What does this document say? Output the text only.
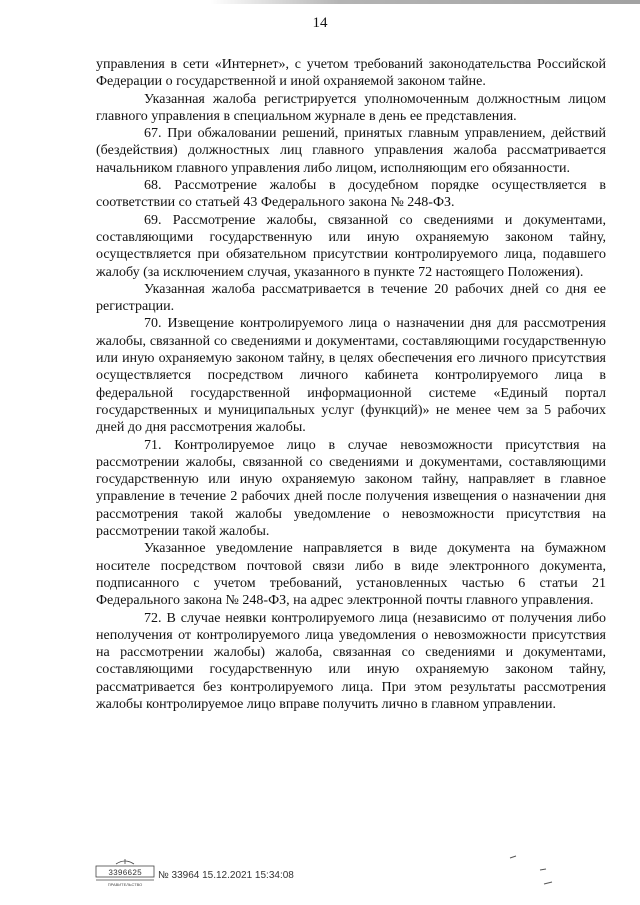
14

управления в сети «Интернет», с учетом требований законодательства Российской Федерации о государственной и иной охраняемой законом тайне.

Указанная жалоба регистрируется уполномоченным должностным лицом главного управления в специальном журнале в день ее представления.

67. При обжаловании решений, принятых главным управлением, действий (бездействия) должностных лиц главного управления жалоба рассматривается начальником главного управления либо лицом, исполняющим его обязанности.

68. Рассмотрение жалобы в досудебном порядке осуществляется в соответствии со статьей 43 Федерального закона № 248-ФЗ.

69. Рассмотрение жалобы, связанной со сведениями и документами, составляющими государственную или иную охраняемую законом тайну, осуществляется при обязательном присутствии контролируемого лица, подавшего жалобу (за исключением случая, указанного в пункте 72 настоящего Положения).

Указанная жалоба рассматривается в течение 20 рабочих дней со дня ее регистрации.

70. Извещение контролируемого лица о назначении дня для рассмотрения жалобы, связанной со сведениями и документами, составляющими государственную или иную охраняемую законом тайну, в целях обеспечения его личного присутствия осуществляется посредством личного кабинета контролируемого лица в федеральной государственной информационной системе «Единый портал государственных и муниципальных услуг (функций)» не менее чем за 5 рабочих дней до дня рассмотрения жалобы.

71. Контролируемое лицо в случае невозможности присутствия на рассмотрении жалобы, связанной со сведениями и документами, составляющими государственную или иную охраняемую законом тайну, направляет в главное управление в течение 2 рабочих дней после получения извещения о назначении дня рассмотрения такой жалобы уведомление о невозможности присутствия на рассмотрении такой жалобы.

Указанное уведомление направляется в виде документа на бумажном носителе посредством почтовой связи либо в виде электронного документа, подписанного с учетом требований, установленных частью 6 статьи 21 Федерального закона № 248-ФЗ, на адрес электронной почты главного управления.

72. В случае неявки контролируемого лица (независимо от получения либо неполучения от контролируемого лица уведомления о невозможности присутствия на рассмотрении жалобы) жалоба, связанная со сведениями и документами, составляющими государственную или иную охраняемую законом тайну, рассматривается без контролируемого лица. При этом результаты рассмотрения жалобы контролируемое лицо вправе получить лично в главном управлении.

3396625
ПРАВИТЕЛЬСТВО
№ 33964 15.12.2021 15:34:08
